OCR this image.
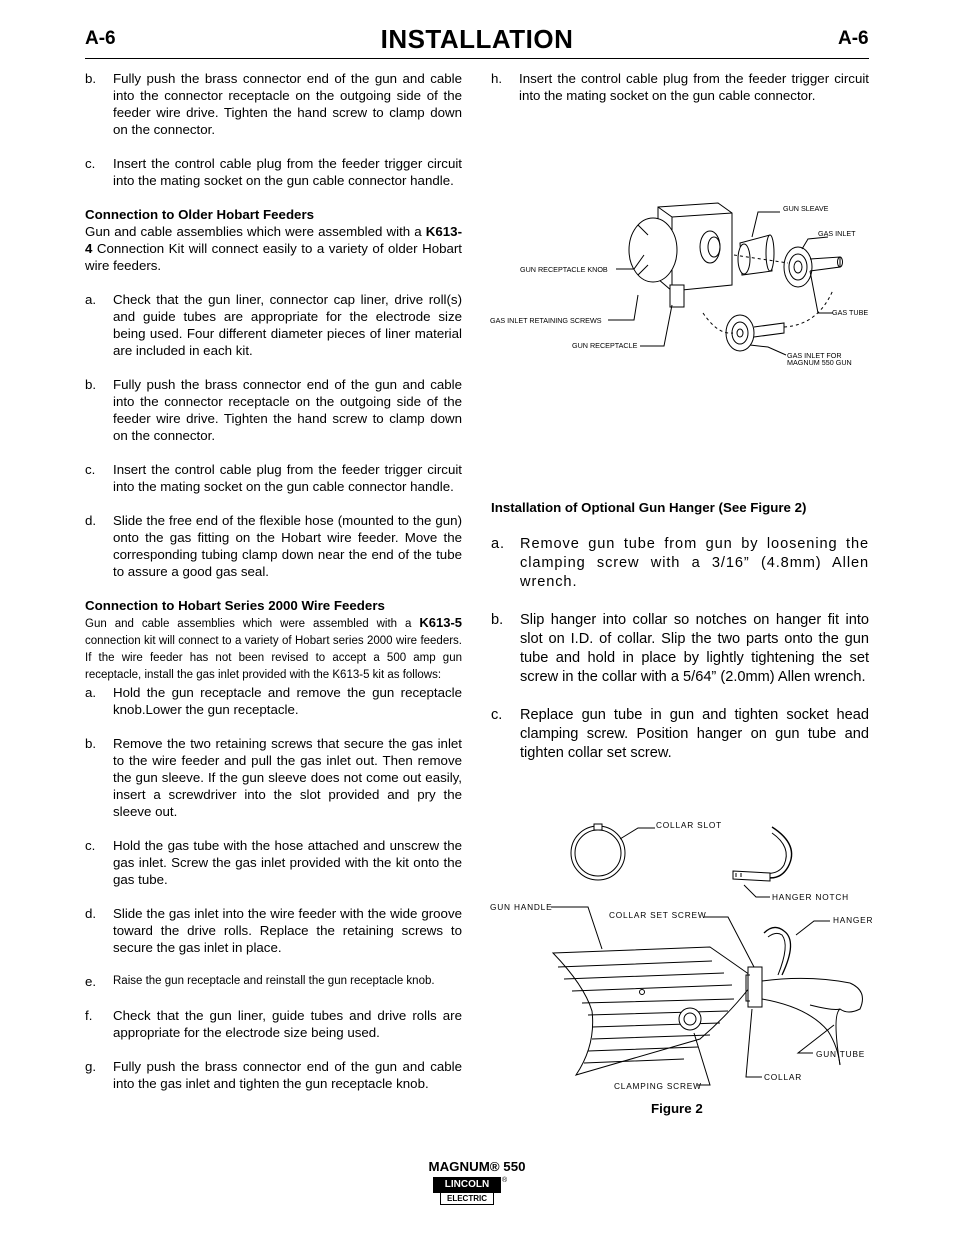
A-6	INSTALLATION	A-6
b. Fully push the brass connector end of the gun and cable into the connector receptacle on the outgoing side of the feeder wire drive. Tighten the hand screw to clamp down on the connector.
c. Insert the control cable plug from the feeder trigger circuit into the mating socket on the gun cable connector handle.
Connection to Older Hobart Feeders
Gun and cable assemblies which were assembled with a K613-4 Connection Kit will connect easily to a variety of older Hobart wire feeders.
a. Check that the gun liner, connector cap liner, drive roll(s) and guide tubes are appropriate for the electrode size being used. Four different diameter pieces of liner material are included in each kit.
b. Fully push the brass connector end of the gun and cable into the connector receptacle on the outgoing side of the feeder wire drive. Tighten the hand screw to clamp down on the connector.
c. Insert the control cable plug from the feeder trigger circuit into the mating socket on the gun cable connector handle.
d. Slide the free end of the flexible hose (mounted to the gun) onto the gas fitting on the Hobart wire feeder. Move the corresponding tubing clamp down near the end of the tube to assure a good gas seal.
Connection to Hobart Series 2000 Wire Feeders
Gun and cable assemblies which were assembled with a K613-5 connection kit will connect to a variety of Hobart series 2000 wire feeders. If the wire feeder has not been revised to accept a 500 amp gun receptacle, install the gas inlet provided with the K613-5 kit as follows:
a. Hold the gun receptacle and remove the gun receptacle knob.Lower the gun receptacle.
b. Remove the two retaining screws that secure the gas inlet to the wire feeder and pull the gas inlet out. Then remove the gun sleeve. If the gun sleeve does not come out easily, insert a screwdriver into the slot provided and pry the sleeve out.
c. Hold the gas tube with the hose attached and unscrew the gas inlet. Screw the gas inlet provided with the kit onto the gas tube.
d. Slide the gas inlet into the wire feeder with the wide groove toward the drive rolls. Replace the retaining screws to secure the gas inlet in place.
e. Raise the gun receptacle and reinstall the gun receptacle knob.
f. Check that the gun liner, guide tubes and drive rolls are appropriate for the electrode size being used.
g. Fully push the brass connector end of the gun and cable into the gas inlet and tighten the gun receptacle knob.
h. Insert the control cable plug from the feeder trigger circuit into the mating socket on the gun cable connector.
GUN SLEAVE
GAS INLET
GUN RECEPTACLE KNOB
GAS INLET RETAINING SCREWS
GAS TUBE
GUN RECEPTACLE
GAS INLET FOR
MAGNUM 550 GUN
Installation of Optional Gun Hanger (See Figure 2)
a. Remove gun tube from gun by loosening the clamping screw with a 3/16” (4.8mm) Allen wrench.
b. Slip hanger into collar so notches on hanger fit into slot on I.D. of collar. Slip the two parts onto the gun tube and hold in place by lightly tightening the set screw in the collar with a 5/64” (2.0mm) Allen wrench.
c. Replace gun tube in gun and tighten socket head clamping screw. Position hanger on gun tube and tighten collar set screw.
COLLAR SLOT
HANGER NOTCH
GUN HANDLE
COLLAR SET SCREW	HANGER
GUN TUBE
COLLAR
CLAMPING SCREW
Figure 2
MAGNUM® 550
LINCOLN
ELECTRIC
®
